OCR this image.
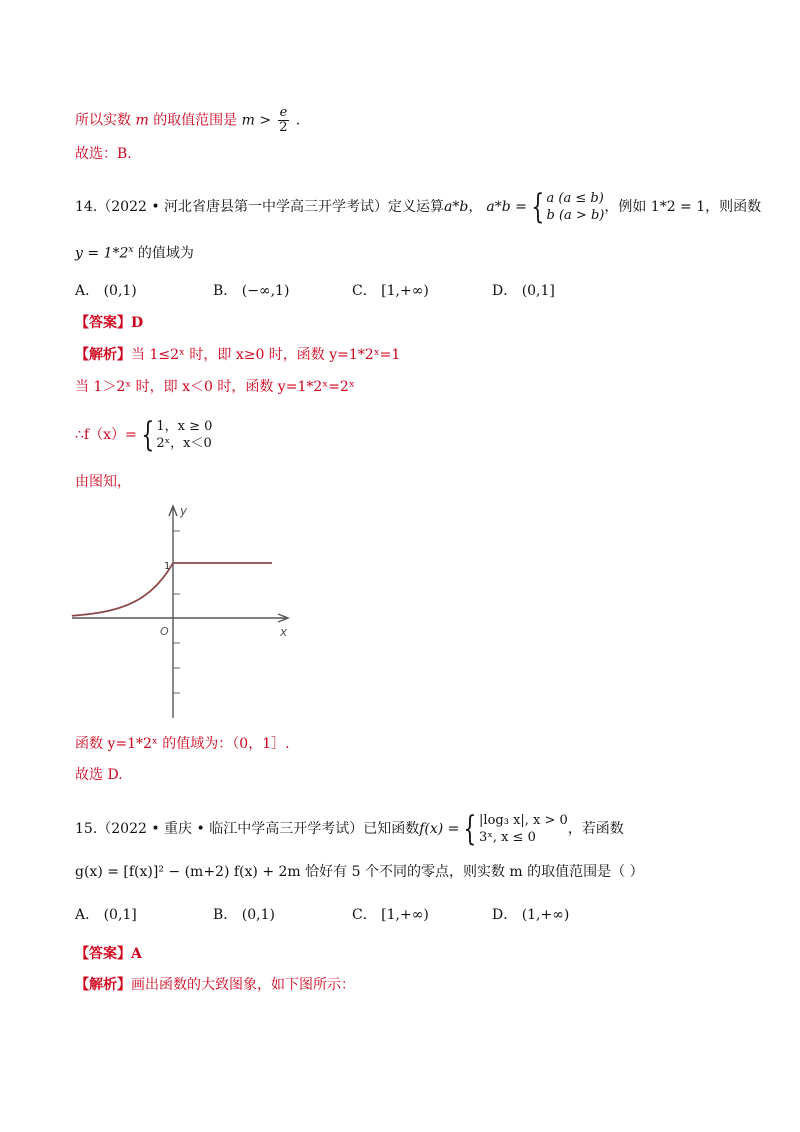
所以实数 m 的取值范围是 $m > \frac{e}{2}$ .
故选：B.
14.（2022 • 河北省唐县第一中学高三开学考试）定义运算 a*b ， a*b = { a (a ≤ b)
b (a > b)
，例如 1*2 = 1，则函数
$y = 1*2^x$ 的值域为
A． (0,1)	B． (−∞,1)	C． [1,+∞)	D． (0,1]
【答案】D
【解析】当 1≤2ˣ 时，即 x≥0 时，函数 y=1*2ˣ=1
当 1＞2ˣ 时，即 x＜0 时，函数 y=1*2ˣ=2ˣ
∴f（x）= { 1，x ≥ 0
2ˣ，x＜0
由图知，
y
x
O
1
函数 y=1*2ˣ 的值域为：（0，1］.
故选 D.
15.（2022 • 重庆 • 临江中学高三开学考试）已知函数 f(x) = { |log₃ x|, x > 0
3ˣ, x ≤ 0
，若函数
g(x) = [f(x)]² − (m+2) f(x) + 2m 恰好有 5 个不同的零点，则实数 m 的取值范围是（ ）
A． (0,1]	B． (0,1)	C． [1,+∞)	D． (1,+∞)
【答案】A
【解析】画出函数的大致图象，如下图所示：
